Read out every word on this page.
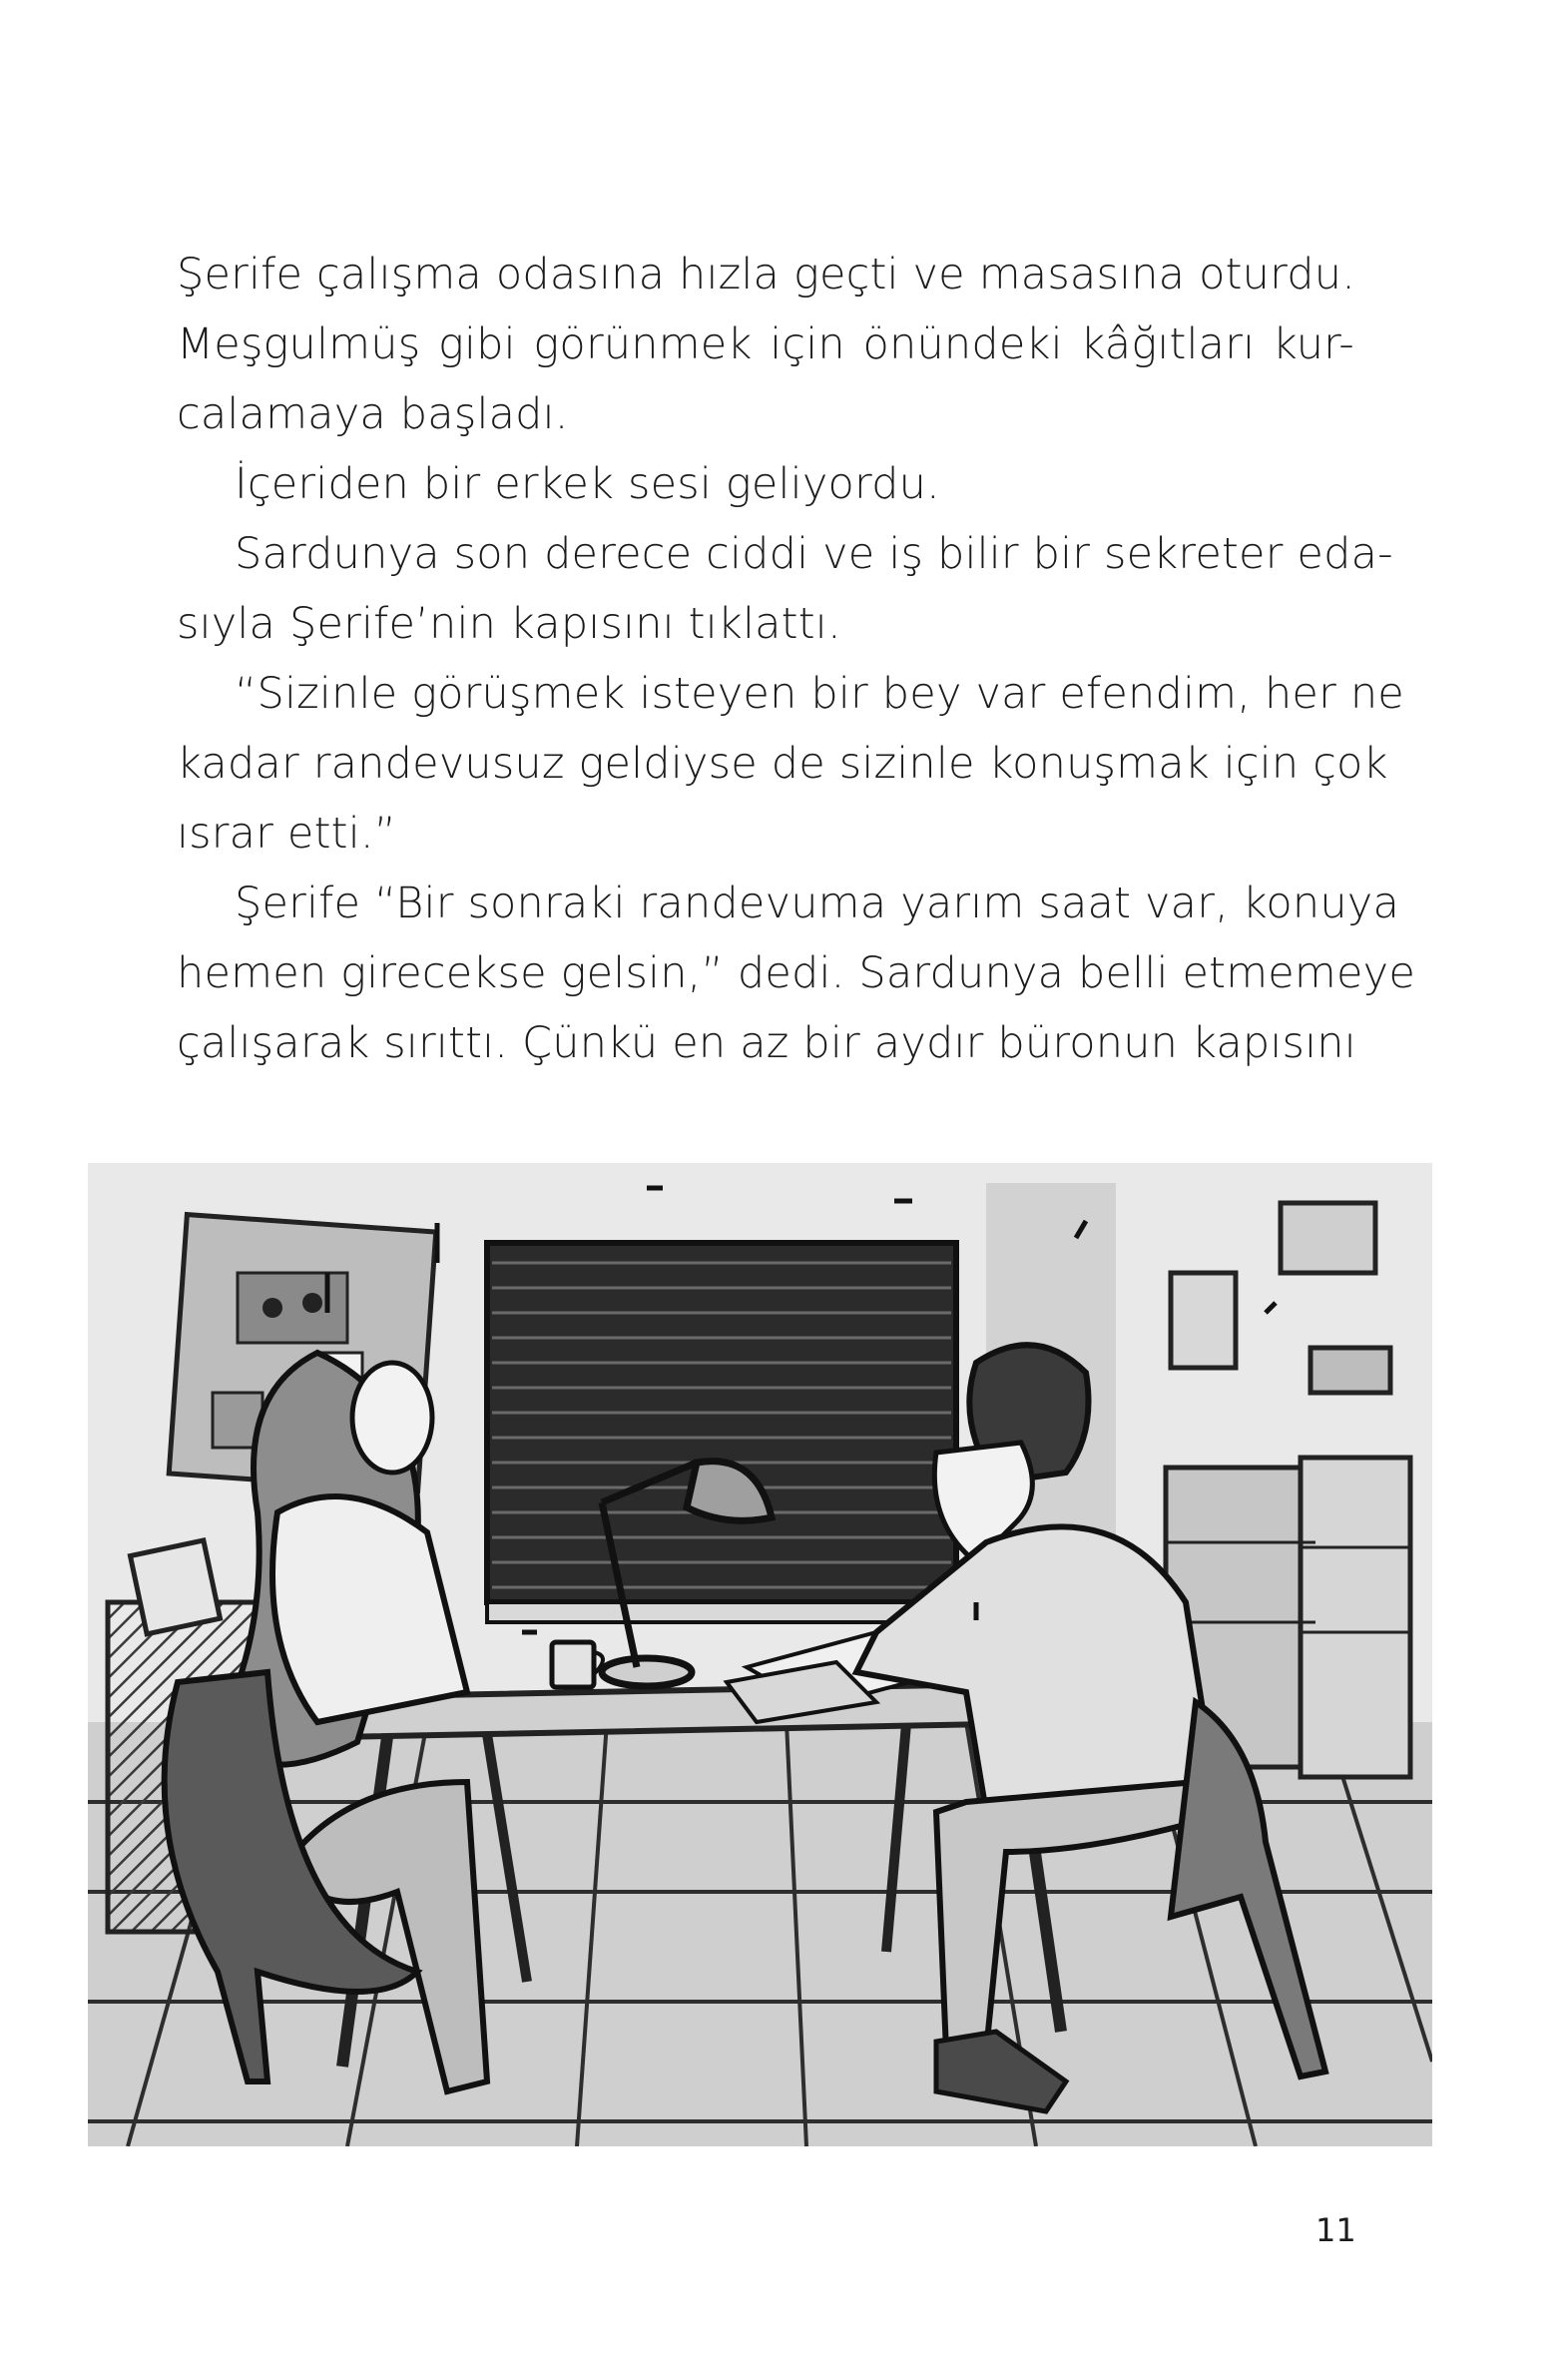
Şerife çalışma odasına hızla geçti ve masasına oturdu.
Meşgulmüş gibi görünmek için önündeki kâğıtları kur-
calamaya başladı.
İçeriden bir erkek sesi geliyordu.
Sardunya son derece ciddi ve iş bilir bir sekreter eda-
sıyla Şerife’nin kapısını tıklattı.
“Sizinle görüşmek isteyen bir bey var efendim, her ne
kadar randevusuz geldiyse de sizinle konuşmak için çok
ısrar etti.”
Şerife “Bir sonraki randevuma yarım saat var, konuya
hemen girecekse gelsin,” dedi. Sardunya belli etmemeye
çalışarak sırıttı. Çünkü en az bir aydır büronun kapısını
11
